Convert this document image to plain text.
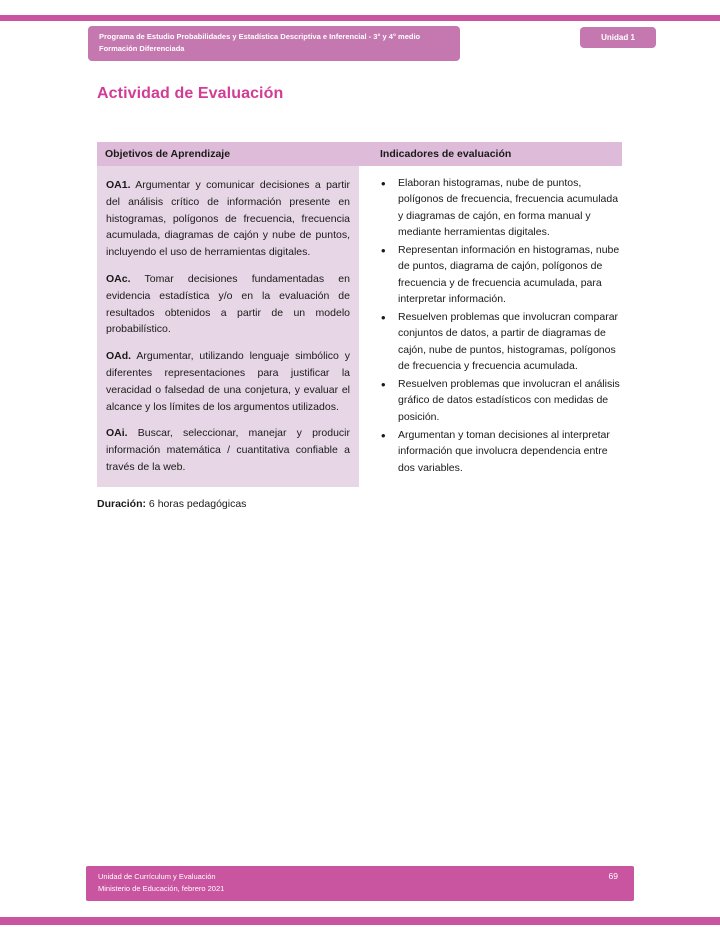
Programa de Estudio Probabilidades y Estadística Descriptiva e Inferencial - 3° y 4° medio
Formación Diferenciada
Unidad 1
Actividad de Evaluación
Objetivos de Aprendizaje	Indicadores de evaluación

OA1. Argumentar y comunicar decisiones a partir del análisis crítico de información presente en histogramas, polígonos de frecuencia, frecuencia acumulada, diagramas de cajón y nube de puntos, incluyendo el uso de herramientas digitales.

OAc. Tomar decisiones fundamentadas en evidencia estadística y/o en la evaluación de resultados obtenidos a partir de un modelo probabilístico.

OAd. Argumentar, utilizando lenguaje simbólico y diferentes representaciones para justificar la veracidad o falsedad de una conjetura, y evaluar el alcance y los límites de los argumentos utilizados.

OAi. Buscar, seleccionar, manejar y producir información matemática / cuantitativa confiable a través de la web.

• Elaboran histogramas, nube de puntos, polígonos de frecuencia, frecuencia acumulada y diagramas de cajón, en forma manual y mediante herramientas digitales.
• Representan información en histogramas, nube de puntos, diagrama de cajón, polígonos de frecuencia y de frecuencia acumulada, para interpretar información.
• Resuelven problemas que involucran comparar conjuntos de datos, a partir de diagramas de cajón, nube de puntos, histogramas, polígonos de frecuencia y frecuencia acumulada.
• Resuelven problemas que involucran el análisis gráfico de datos estadísticos con medidas de posición.
• Argumentan y toman decisiones al interpretar información que involucra dependencia entre dos variables.

Duración: 6 horas pedagógicas

Unidad de Currículum y Evaluación
Ministerio de Educación, febrero 2021
69
